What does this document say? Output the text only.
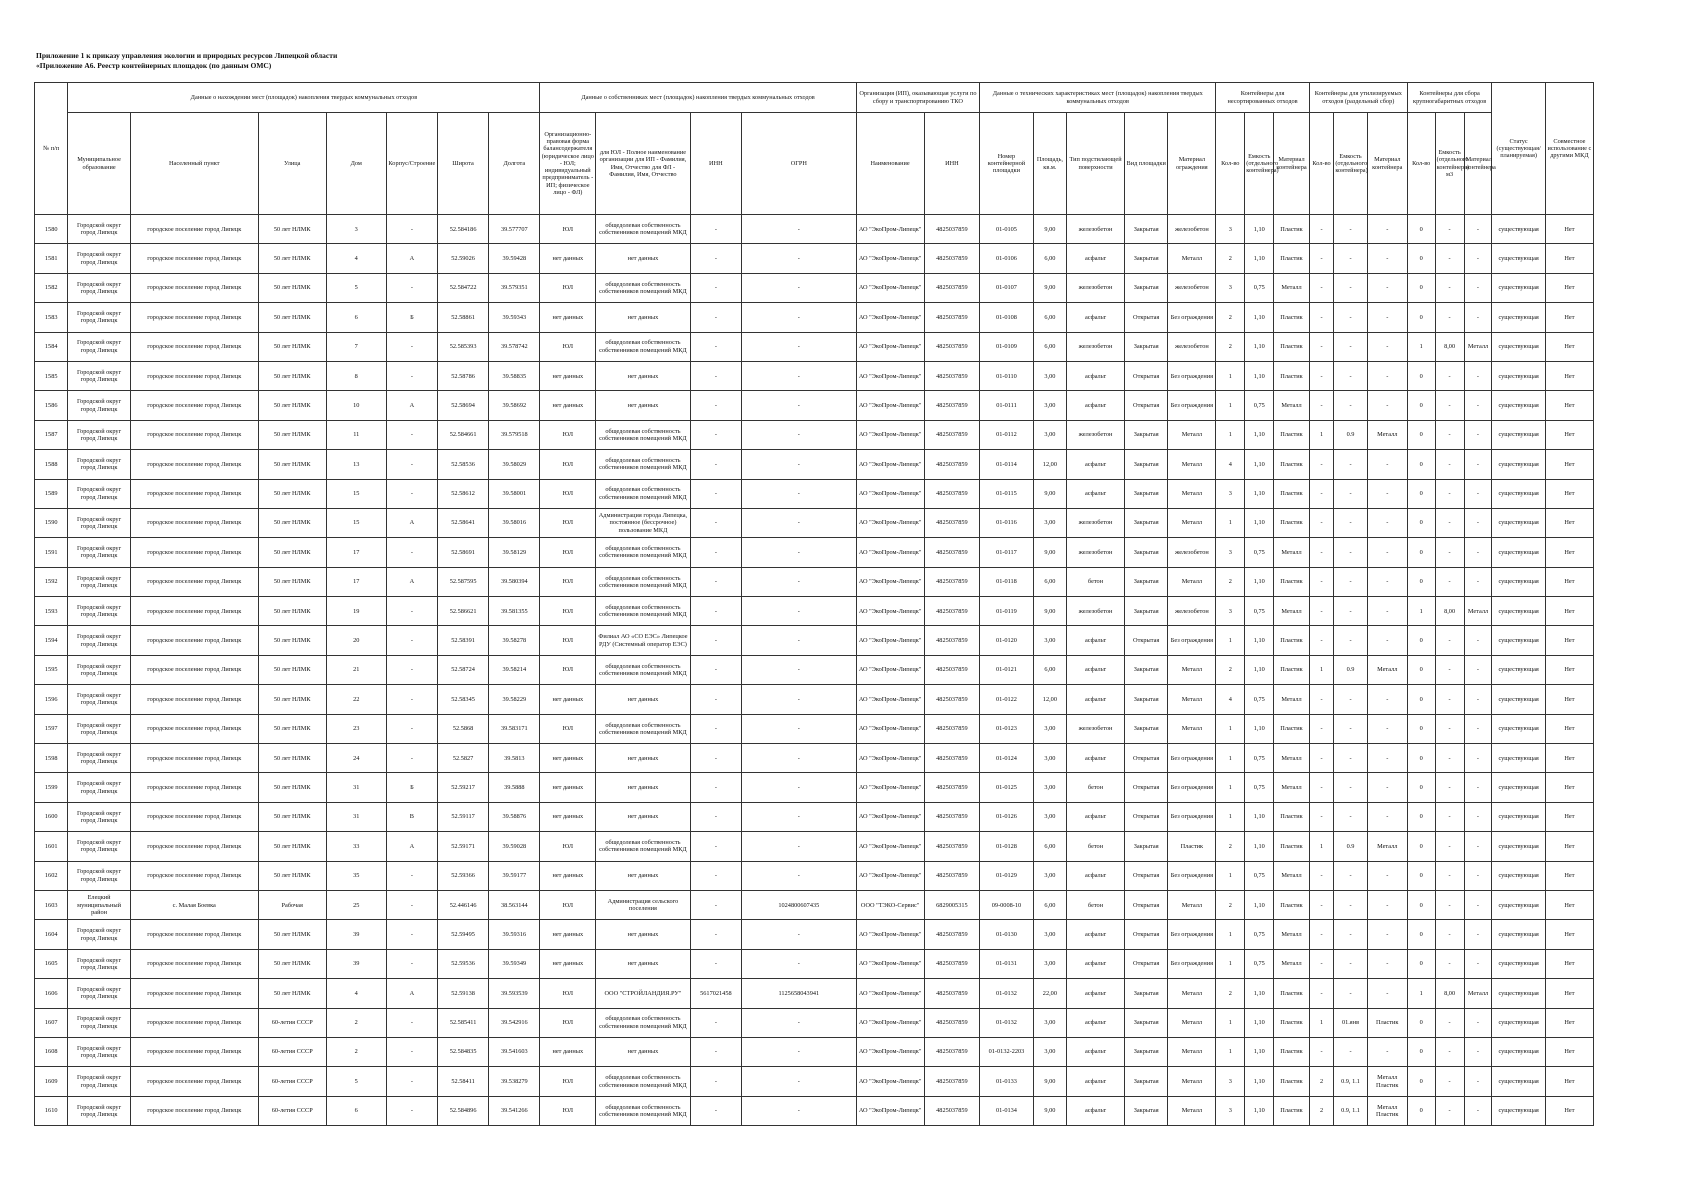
Приложение 1 к приказу управления экологии и природных ресурсов Липецкой области
«Приложение А6. Реестр контейнерных площадок (по данным ОМС)
№ п/п	Данные о нахождении мест (площадок) накопления твердых коммунальных отходов							Данные о собственниках мест (площадок) накопления твердых коммунальных отходов				Организация (ИП), оказывающая услуги по сбору и транспортированию ТКО		Данные о технических характеристиках мест (площадок) накопления твердых коммунальных отходов					Контейнеры для несортированных отходов			Контейнеры для утилизируемых отходов (раздельный сбор)			Контейнеры для сбора крупногабаритных отходов			Статус (существующая/ планируемая)	Совместное использование с другими МКД
	Муниципальное образование	Населенный пункт	Улица	Дом	Корпус/Строение	Широта	Долгота	Организационно-правовая форма балансодержателя (юридическое лицо - ЮЛ; индивидуальный предприниматель - ИП; физическое лицо - ФЛ)	для ЮЛ - Полное наименование организации для ИП - Фамилия, Имя, Отчество для ФЛ - Фамилия, Имя, Отчество	ИНН	ОГРН	Наименование	ИНН	Номер контейнерной площадки	Площадь, кв.м.	Тип подстилающей поверхности	Вид площадки	Материал ограждения	Кол-во	Емкость (отдельного контейнера)	Материал контейнера	Кол-во	Емкость (отдельного контейнера)	Материал контейнера	Кол-во	Емкость (отдельного контейнера) м3	Материал контейнера		

1580	Городской округ город Липецк	городское поселение город Липецк	50 лет НЛМК	3	-	52.584186	39.577707	ЮЛ	общедолевая собственность собственников помещений МКД	-	-	АО "ЭкоПром-Липецк"	4825037859	01-0105	9,00	железобетон	Закрытая	железобетон	3	1,10	Пластик	-	-	-	0	-	-	существующая	Нет

1581	Городской округ город Липецк	городское поселение город Липецк	50 лет НЛМК	4	А	52.59026	39.59428	нет данных	нет данных	-	-	АО "ЭкоПром-Липецк"	4825037859	01-0106	6,00	асфальт	Закрытая	Металл	2	1,10	Пластик	-	-	-	0	-	-	существующая	Нет

1582	Городской округ город Липецк	городское поселение город Липецк	50 лет НЛМК	5	-	52.584722	39.579351	ЮЛ	общедолевая собственность собственников помещений МКД	-	-	АО "ЭкоПром-Липецк"	4825037859	01-0107	9,00	железобетон	Закрытая	железобетон	3	0,75	Металл	-	-	-	0	-	-	существующая	Нет

1583	Городской округ город Липецк	городское поселение город Липецк	50 лет НЛМК	6	Б	52.58861	39.59343	нет данных	нет данных	-	-	АО "ЭкоПром-Липецк"	4825037859	01-0108	6,00	асфальт	Открытая	Без ограждения	2	1,10	Пластик	-	-	-	0	-	-	существующая	Нет

1584	Городской округ город Липецк	городское поселение город Липецк	50 лет НЛМК	7	-	52.585393	39.578742	ЮЛ	общедолевая собственность собственников помещений МКД	-	-	АО "ЭкоПром-Липецк"	4825037859	01-0109	6,00	железобетон	Закрытая	железобетон	2	1,10	Пластик	-	-	-	1	8,00	Металл	существующая	Нет

1585	Городской округ город Липецк	городское поселение город Липецк	50 лет НЛМК	8	-	52.58786	39.58835	нет данных	нет данных	-	-	АО "ЭкоПром-Липецк"	4825037859	01-0110	3,00	асфальт	Открытая	Без ограждения	1	1,10	Пластик	-	-	-	0	-	-	существующая	Нет

1586	Городской округ город Липецк	городское поселение город Липецк	50 лет НЛМК	10	А	52.58694	39.58692	нет данных	нет данных	-	-	АО "ЭкоПром-Липецк"	4825037859	01-0111	3,00	асфальт	Открытая	Без ограждения	1	0,75	Металл	-	-	-	0	-	-	существующая	Нет

1587	Городской округ город Липецк	городское поселение город Липецк	50 лет НЛМК	11	-	52.584661	39.579518	ЮЛ	общедолевая собственность собственников помещений МКД	-	-	АО "ЭкоПром-Липецк"	4825037859	01-0112	3,00	железобетон	Закрытая	Металл	1	1,10	Пластик	1	0.9	Металл	0	-	-	существующая	Нет

1588	Городской округ город Липецк	городское поселение город Липецк	50 лет НЛМК	13	-	52.58536	39.58029	ЮЛ	общедолевая собственность собственников помещений МКД	-	-	АО "ЭкоПром-Липецк"	4825037859	01-0114	12,00	асфальт	Закрытая	Металл	4	1,10	Пластик	-	-	-	0	-	-	существующая	Нет

1589	Городской округ город Липецк	городское поселение город Липецк	50 лет НЛМК	15	-	52.58612	39.58001	ЮЛ	общедолевая собственность собственников помещений МКД	-	-	АО "ЭкоПром-Липецк"	4825037859	01-0115	9,00	асфальт	Закрытая	Металл	3	1,10	Пластик	-	-	-	0	-	-	существующая	Нет

1590	Городской округ город Липецк	городское поселение город Липецк	50 лет НЛМК	15	А	52.58641	39.58016	ЮЛ	Администрация города Липецка, постоянное (бессрочное) пользование МКД	-	-	АО "ЭкоПром-Липецк"	4825037859	01-0116	3,00	железобетон	Закрытая	Металл	1	1,10	Пластик	-	-	-	0	-	-	существующая	Нет

1591	Городской округ город Липецк	городское поселение город Липецк	50 лет НЛМК	17	-	52.58691	39.58129	ЮЛ	общедолевая собственность собственников помещений МКД	-	-	АО "ЭкоПром-Липецк"	4825037859	01-0117	9,00	железобетон	Закрытая	железобетон	3	0,75	Металл	-	-	-	0	-	-	существующая	Нет

1592	Городской округ город Липецк	городское поселение город Липецк	50 лет НЛМК	17	А	52.587595	39.580394	ЮЛ	общедолевая собственность собственников помещений МКД	-	-	АО "ЭкоПром-Липецк"	4825037859	01-0118	6,00	бетон	Закрытая	Металл	2	1,10	Пластик	-	-	-	0	-	-	существующая	Нет

1593	Городской округ город Липецк	городское поселение город Липецк	50 лет НЛМК	19	-	52.586621	39.581355	ЮЛ	общедолевая собственность собственников помещений МКД	-	-	АО "ЭкоПром-Липецк"	4825037859	01-0119	9,00	железобетон	Закрытая	железобетон	3	0,75	Металл	-	-	-	1	8,00	Металл	существующая	Нет

1594	Городской округ город Липецк	городское поселение город Липецк	50 лет НЛМК	20	-	52.58391	39.58278	ЮЛ	Филиал АО «СО ЕЭС» Липецкое РДУ (Системный оператор ЕЭС)	-	-	АО "ЭкоПром-Липецк"	4825037859	01-0120	3,00	асфальт	Открытая	Без ограждения	1	1,10	Пластик	-	-	-	0	-	-	существующая	Нет

1595	Городской округ город Липецк	городское поселение город Липецк	50 лет НЛМК	21	-	52.58724	39.58214	ЮЛ	общедолевая собственность собственников помещений МКД	-	-	АО "ЭкоПром-Липецк"	4825037859	01-0121	6,00	асфальт	Закрытая	Металл	2	1,10	Пластик	1	0.9	Металл	0	-	-	существующая	Нет

1596	Городской округ город Липецк	городское поселение город Липецк	50 лет НЛМК	22	-	52.58345	39.58229	нет данных	нет данных	-	-	АО "ЭкоПром-Липецк"	4825037859	01-0122	12,00	асфальт	Закрытая	Металл	4	0,75	Металл	-	-	-	0	-	-	существующая	Нет

1597	Городской округ город Липецк	городское поселение город Липецк	50 лет НЛМК	23	-	52.5868	39.583171	ЮЛ	общедолевая собственность собственников помещений МКД	-	-	АО "ЭкоПром-Липецк"	4825037859	01-0123	3,00	железобетон	Закрытая	Металл	1	1,10	Пластик	-	-	-	0	-	-	существующая	Нет

1598	Городской округ город Липецк	городское поселение город Липецк	50 лет НЛМК	24	-	52.5827	39.5813	нет данных	нет данных	-	-	АО "ЭкоПром-Липецк"	4825037859	01-0124	3,00	асфальт	Открытая	Без ограждения	1	0,75	Металл	-	-	-	0	-	-	существующая	Нет

1599	Городской округ город Липецк	городское поселение город Липецк	50 лет НЛМК	31	Б	52.59217	39.5888	нет данных	нет данных	-	-	АО "ЭкоПром-Липецк"	4825037859	01-0125	3,00	бетон	Открытая	Без ограждения	1	0,75	Металл	-	-	-	0	-	-	существующая	Нет

1600	Городской округ город Липецк	городское поселение город Липецк	50 лет НЛМК	31	В	52.59117	39.58876	нет данных	нет данных	-	-	АО "ЭкоПром-Липецк"	4825037859	01-0126	3,00	асфальт	Открытая	Без ограждения	1	1,10	Пластик	-	-	-	0	-	-	существующая	Нет

1601	Городской округ город Липецк	городское поселение город Липецк	50 лет НЛМК	33	А	52.59171	39.59028	ЮЛ	общедолевая собственность собственников помещений МКД	-	-	АО "ЭкоПром-Липецк"	4825037859	01-0128	6,00	бетон	Закрытая	Пластик	2	1,10	Пластик	1	0.9	Металл	0	-	-	существующая	Нет

1602	Городской округ город Липецк	городское поселение город Липецк	50 лет НЛМК	35	-	52.59366	39.59177	нет данных	нет данных	-	-	АО "ЭкоПром-Липецк"	4825037859	01-0129	3,00	асфальт	Открытая	Без ограждения	1	0,75	Металл	-	-	-	0	-	-	существующая	Нет

1603	Елецкий муниципальный район	с. Малая Боевка	Рабочая	25	-	52.446146	38.563144	ЮЛ	Администрация сельского поселения	-	1024800607435	ООО "ТЭКО-Сервис"	6829005315	09-0008-10	6,00	бетон	Открытая	Металл	2	1,10	Пластик	-	-	-	0	-	-	существующая	Нет

1604	Городской округ город Липецк	городское поселение город Липецк	50 лет НЛМК	39	-	52.59495	39.59316	нет данных	нет данных	-	-	АО "ЭкоПром-Липецк"	4825037859	01-0130	3,00	асфальт	Открытая	Без ограждения	1	0,75	Металл	-	-	-	0	-	-	существующая	Нет

1605	Городской округ город Липецк	городское поселение город Липецк	50 лет НЛМК	39	-	52.59536	39.59349	нет данных	нет данных	-	-	АО "ЭкоПром-Липецк"	4825037859	01-0131	3,00	асфальт	Открытая	Без ограждения	1	0,75	Металл	-	-	-	0	-	-	существующая	Нет

1606	Городской округ город Липецк	городское поселение город Липецк	50 лет НЛМК	4	А	52.59138	39.593539	ЮЛ	ООО "СТРОЙЛАНДИЯ.РУ"	5617021458	1125658043941	АО "ЭкоПром-Липецк"	4825037859	01-0132	22,00	асфальт	Закрытая	Металл	2	1,10	Пластик	-	-	-	1	8,00	Металл	существующая	Нет

1607	Городской округ город Липецк	городское поселение город Липецк	60-летия СССР	2	-	52.585411	39.542916	ЮЛ	общедолевая собственность собственников помещений МКД	-	-	АО "ЭкоПром-Липецк"	4825037859	01-0132	3,00	асфальт	Закрытая	Металл	1	1,10	Пластик	1	01.янв	Пластик	0	-	-	существующая	Нет

1608	Городской округ город Липецк	городское поселение город Липецк	60-летия СССР	2	-	52.584835	39.541603	нет данных	нет данных	-	-	АО "ЭкоПром-Липецк"	4825037859	01-0132-2203	3,00	асфальт	Закрытая	Металл	1	1,10	Пластик	-	-	-	0	-	-	существующая	Нет

1609	Городской округ город Липецк	городское поселение город Липецк	60-летия СССР	5	-	52.58411	39.538279	ЮЛ	общедолевая собственность собственников помещений МКД	-	-	АО "ЭкоПром-Липецк"	4825037859	01-0133	9,00	асфальт	Закрытая	Металл	3	1,10	Пластик	2	0.9, 1.1	Металл Пластик	0	-	-	существующая	Нет

1610	Городской округ город Липецк	городское поселение город Липецк	60-летия СССР	6	-	52.584896	39.541266	ЮЛ	общедолевая собственность собственников помещений МКД	-	-	АО "ЭкоПром-Липецк"	4825037859	01-0134	9,00	асфальт	Закрытая	Металл	3	1,10	Пластик	2	0.9, 1.1	Металл Пластик	0	-	-	существующая	Нет
